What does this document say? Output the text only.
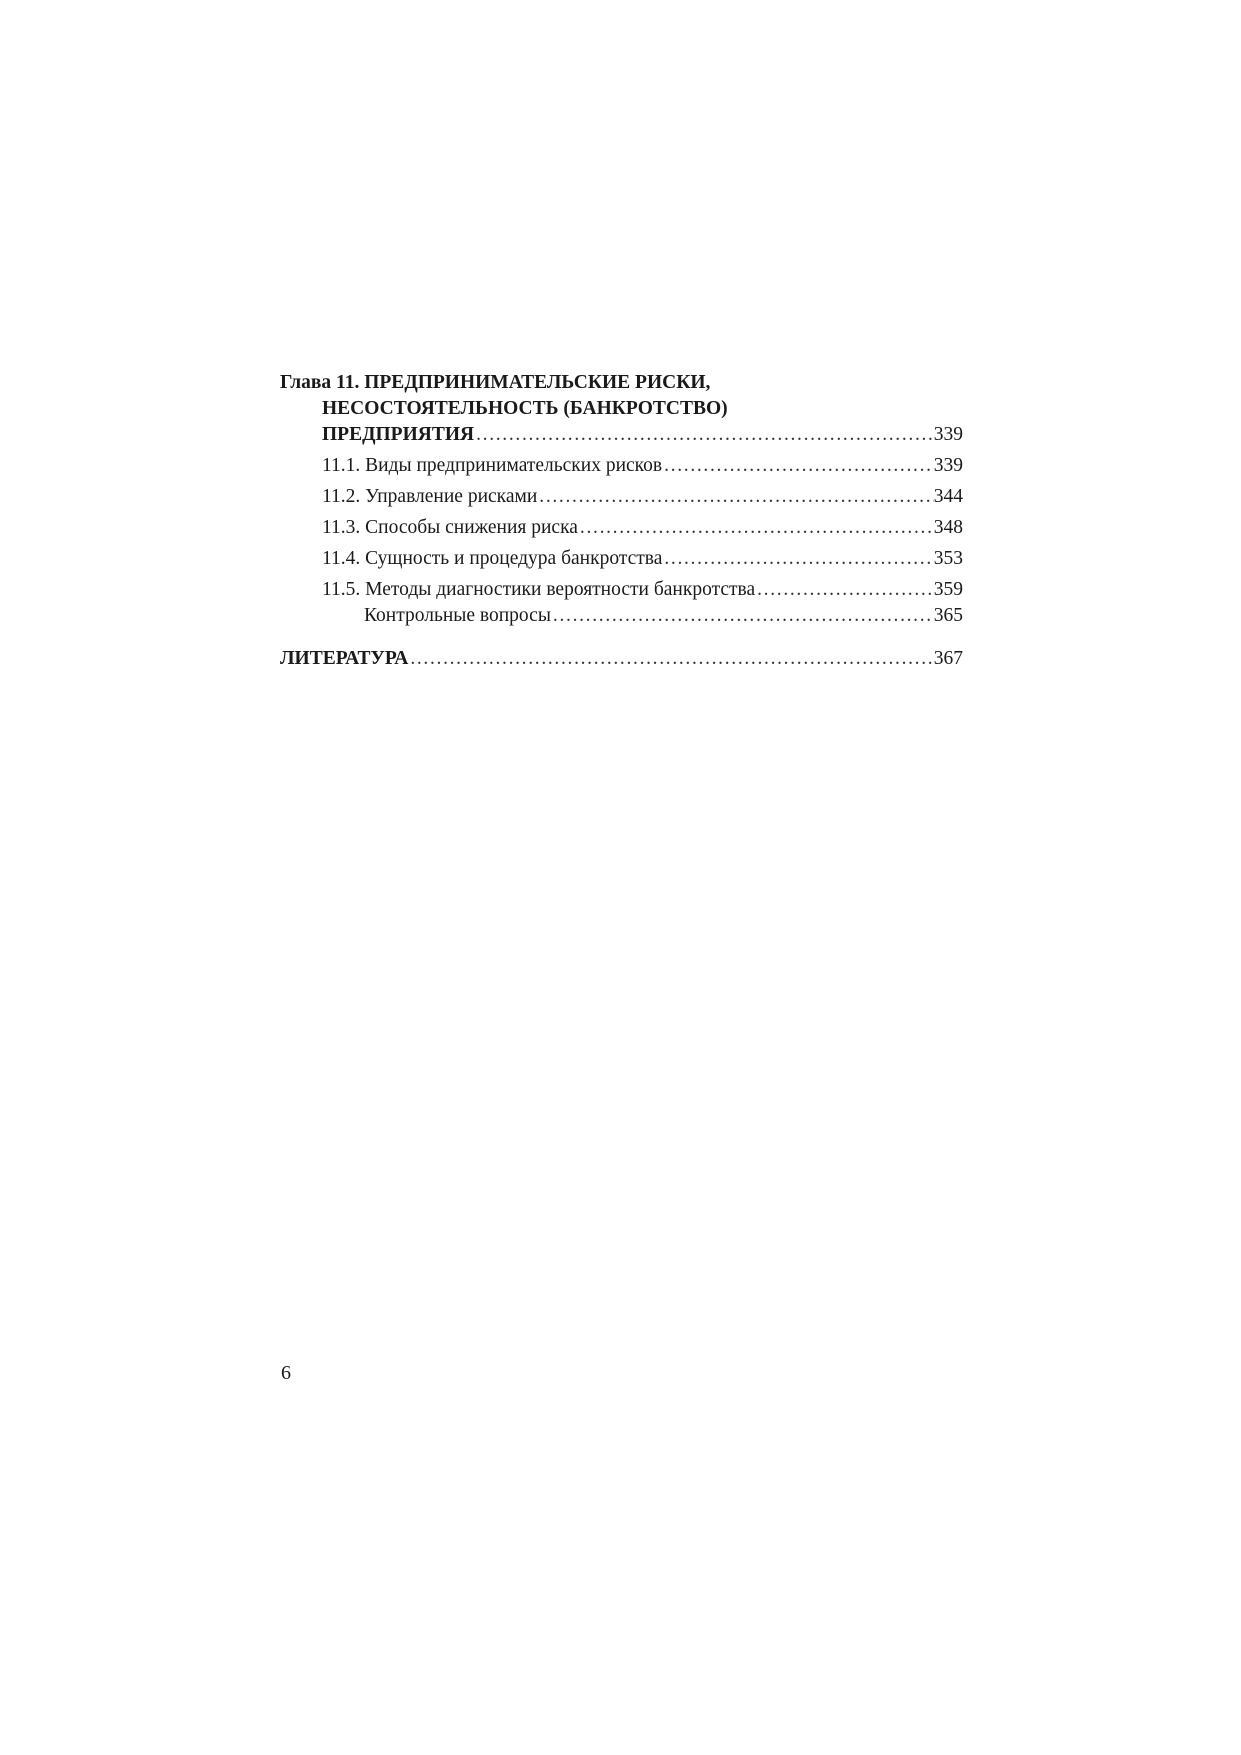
Глава 11. ПРЕДПРИНИМАТЕЛЬСКИЕ РИСКИ,
НЕСОСТОЯТЕЛЬНОСТЬ (БАНКРОТСТВО)
ПРЕДПРИЯТИЯ . . .	339
11.1. Виды предпринимательских рисков . . .	339
11.2. Управление рисками . . .	344
11.3. Способы снижения риска . . .	348
11.4. Сущность и процедура банкротства . . .	353
11.5. Методы диагностики вероятности банкротства . . .	359
Контрольные вопросы . . .	365
ЛИТЕРАТУРА . . .	367
6
